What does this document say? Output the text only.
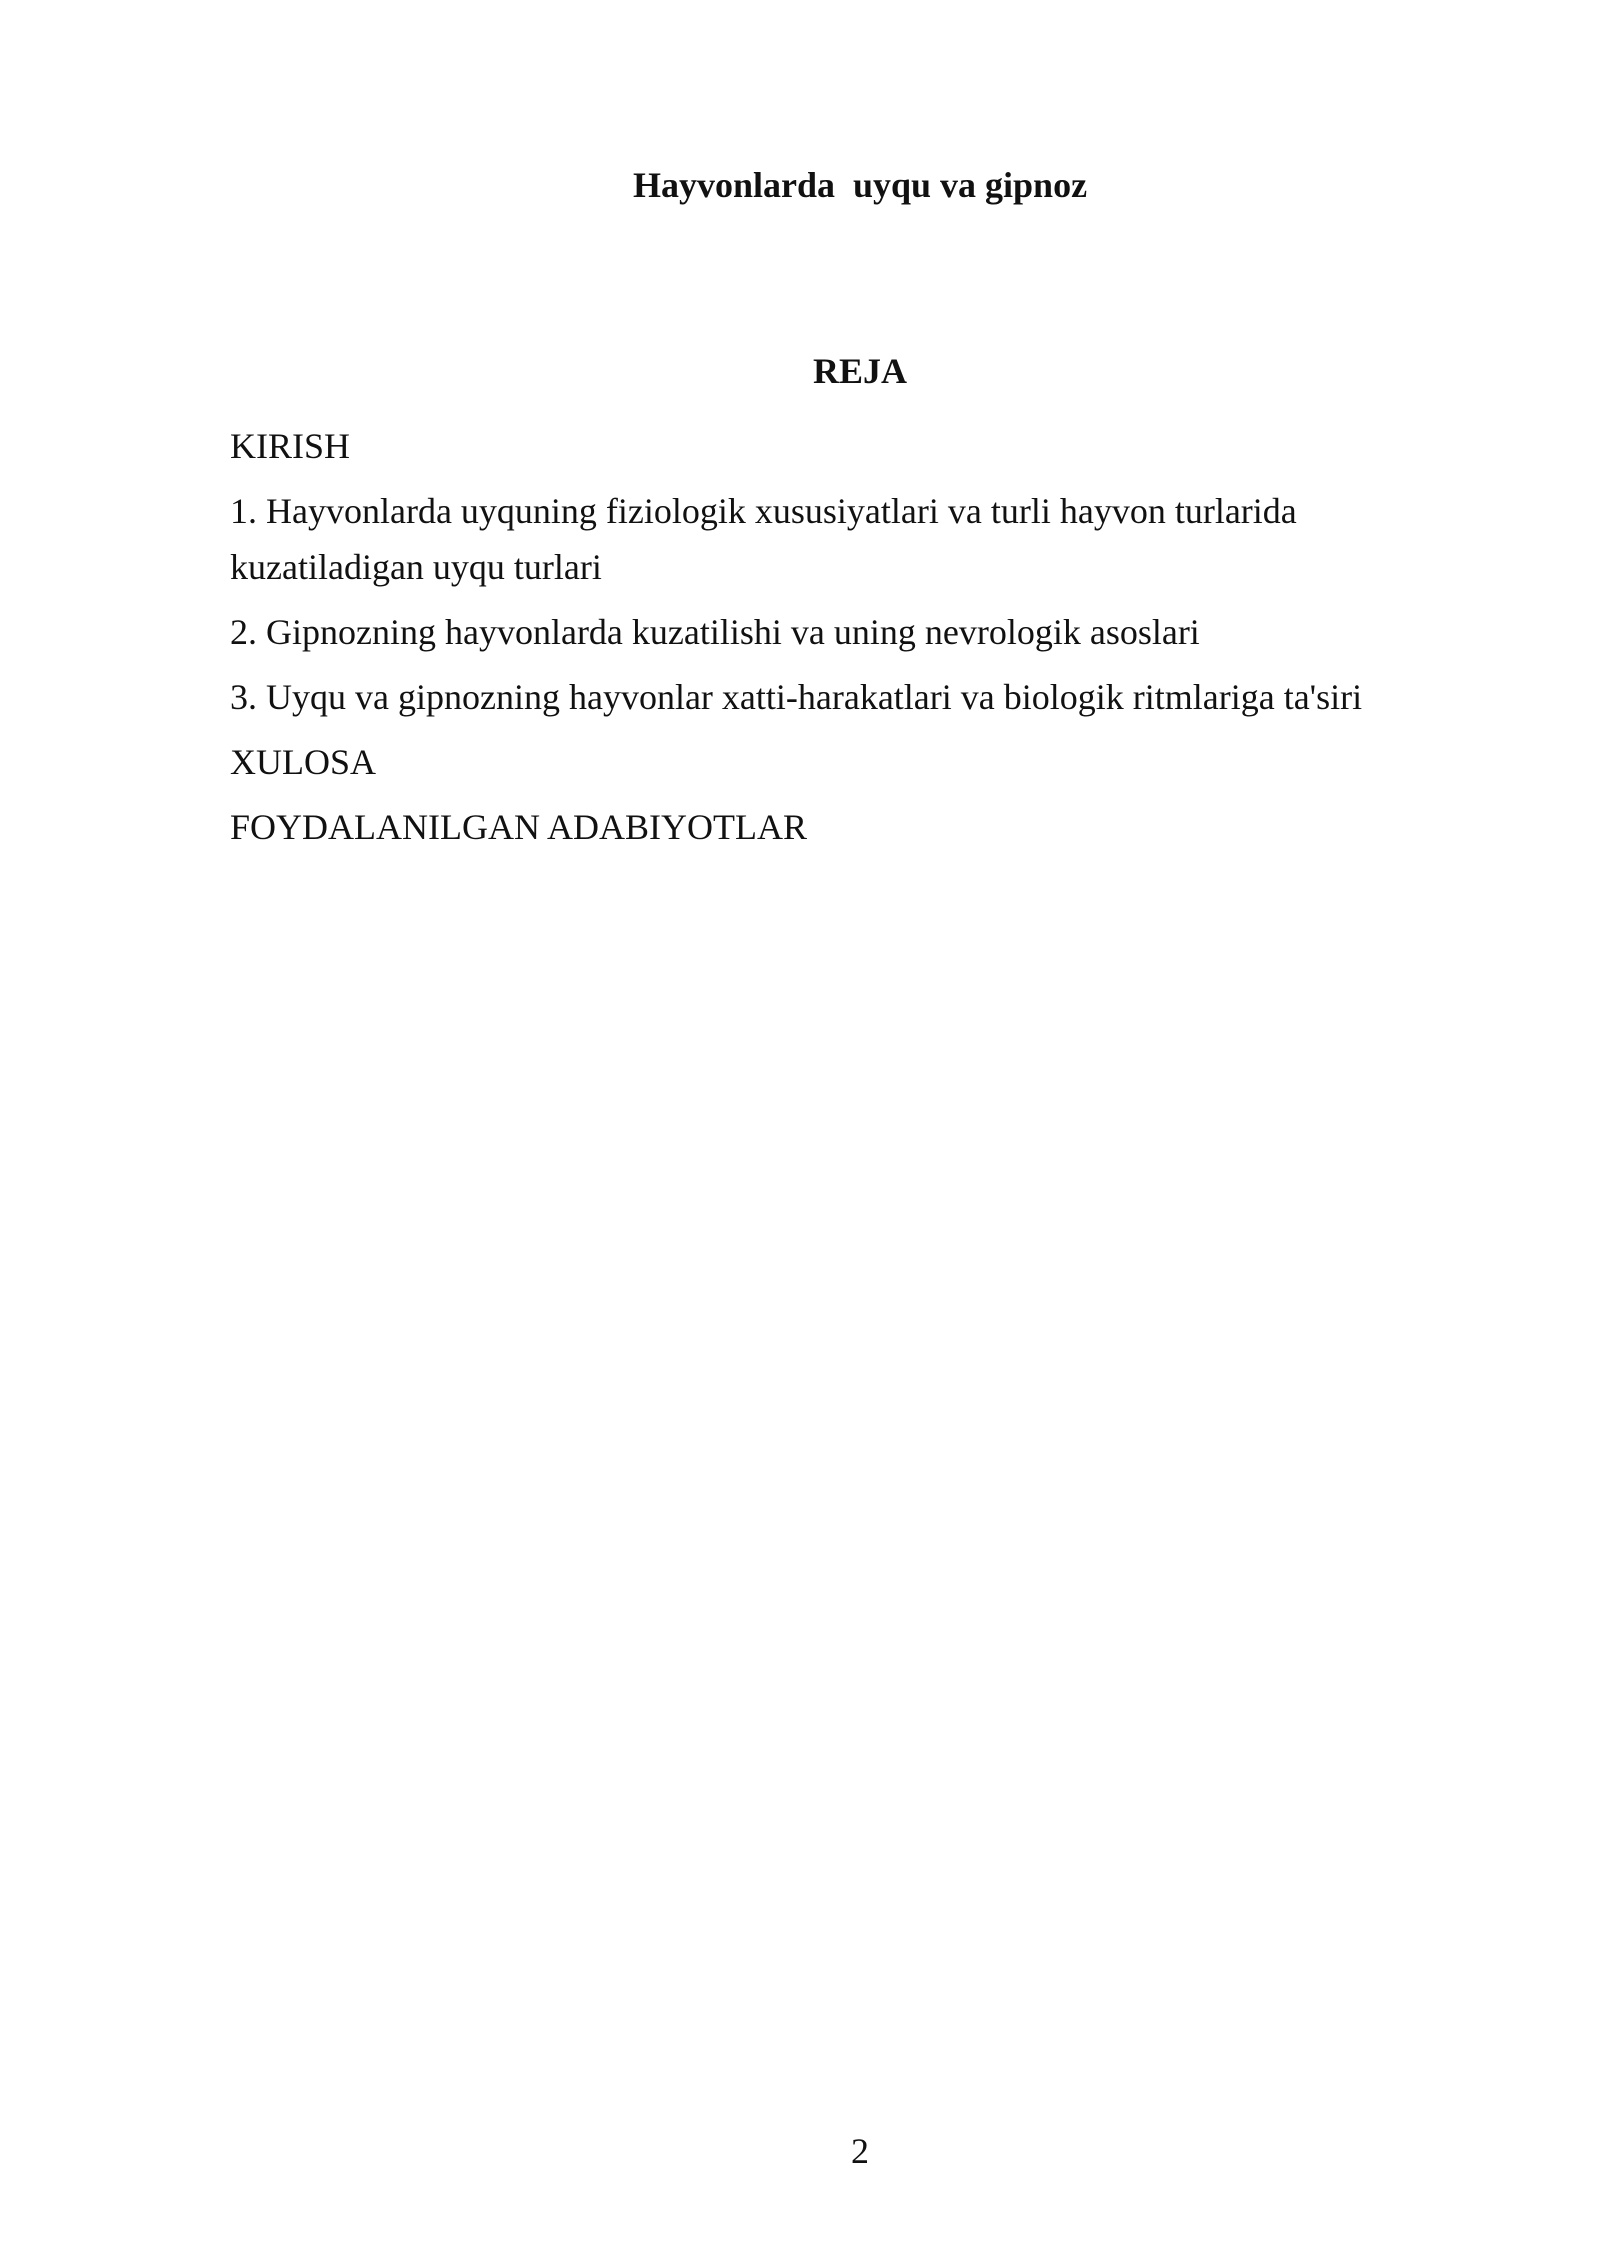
Hayvonlarda  uyqu va gipnoz
REJA
KIRISH
1. Hayvonlarda uyquning fiziologik xususiyatlari va turli hayvon turlarida kuzatiladigan uyqu turlari
2. Gipnozning hayvonlarda kuzatilishi va uning nevrologik asoslari
3. Uyqu va gipnozning hayvonlar xatti-harakatlari va biologik ritmlariga ta'siri
XULOSA
FOYDALANILGAN ADABIYOTLAR
2
